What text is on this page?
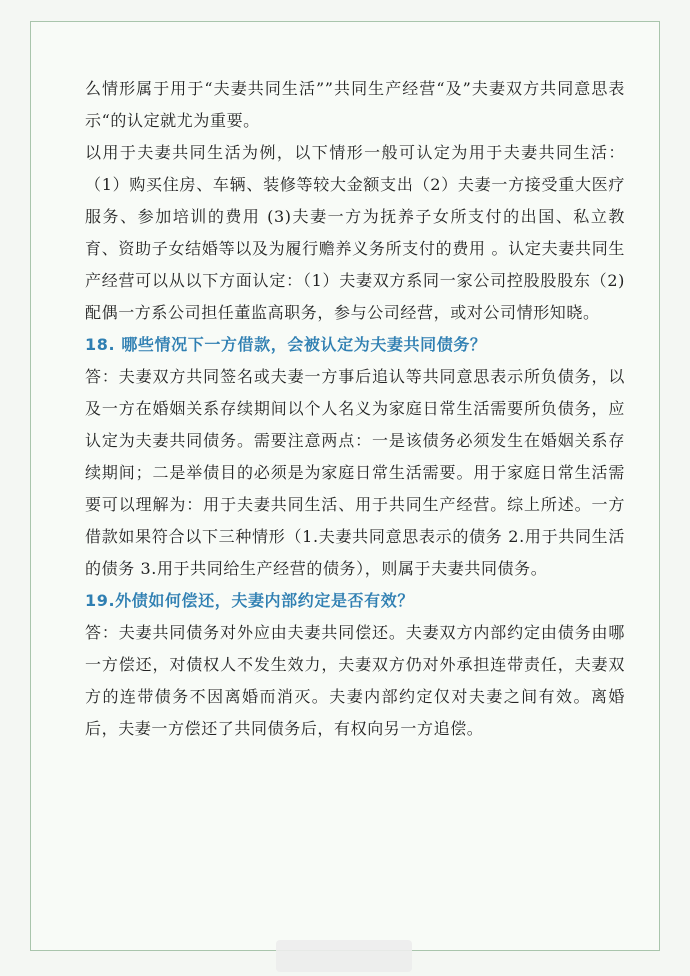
么情形属于用于“夫妻共同生活””共同生产经营“及”夫妻双方共同意思表示“的认定就尤为重要。

以用于夫妻共同生活为例，以下情形一般可认定为用于夫妻共同生活：（1）购买住房、车辆、装修等较大金额支出（2）夫妻一方接受重大医疗服务、参加培训的费用 (3)夫妻一方为抚养子女所支付的出国、私立教育、资助子女结婚等以及为履行赡养义务所支付的费用 。认定夫妻共同生产经营可以从以下方面认定：（1）夫妻双方系同一家公司控股股股东（2)配偶一方系公司担任董监高职务，参与公司经营，或对公司情形知晓。

18. 哪些情况下一方借款，会被认定为夫妻共同债务？

答：夫妻双方共同签名或夫妻一方事后追认等共同意思表示所负债务，以及一方在婚姻关系存续期间以个人名义为家庭日常生活需要所负债务，应认定为夫妻共同债务。需要注意两点：一是该债务必须发生在婚姻关系存续期间；二是举债目的必须是为家庭日常生活需要。用于家庭日常生活需要可以理解为：用于夫妻共同生活、用于共同生产经营。综上所述。一方借款如果符合以下三种情形（1.夫妻共同意思表示的债务 2.用于共同生活的债务 3.用于共同给生产经营的债务），则属于夫妻共同债务。

19.外债如何偿还，夫妻内部约定是否有效？

答：夫妻共同债务对外应由夫妻共同偿还。夫妻双方内部约定由债务由哪一方偿还，对债权人不发生效力，夫妻双方仍对外承担连带责任，夫妻双方的连带债务不因离婚而消灭。夫妻内部约定仅对夫妻之间有效。离婚后，夫妻一方偿还了共同债务后，有权向另一方追偿。
